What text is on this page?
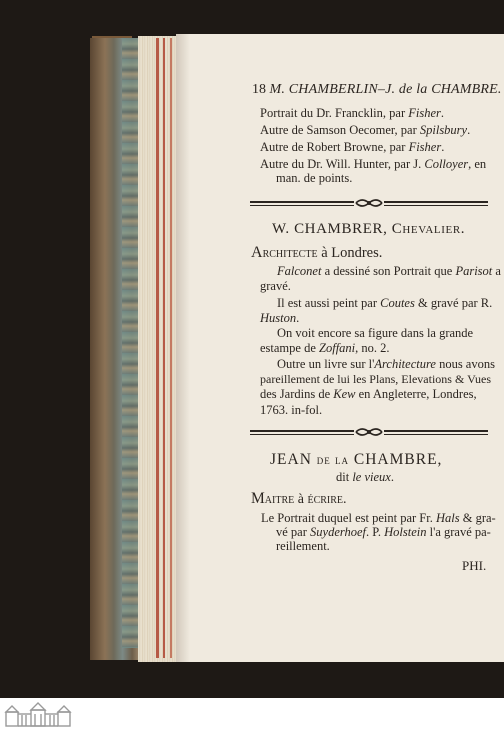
18 M. CHAMBERLIN–J. de la CHAMBRE.
Portrait du Dr. Francklin, par Fisher.
Autre de Samson Oecomer, par Spilsbury.
Autre de Robert Browne, par Fisher.
Autre du Dr. Will. Hunter, par J. Colloyer, en
man. de points.
W. CHAMBRER, Chevalier.
Architecte à Londres.
Falconet a dessiné son Portrait que Parisot a
gravé.
Il est aussi peint par Coutes & gravé par R.
Huston.
On voit encore sa figure dans la grande
estampe de Zoffani, no. 2.
Outre un livre sur l'Architecture nous avons
pareillement de lui les Plans, Elevations & Vues
des Jardins de Kew en Angleterre, Londres,
1763. in-fol.
JEAN de la CHAMBRE,
dit le vieux.
Maitre à écrire.
Le Portrait duquel est peint par Fr. Hals & gra-
vé par Suyderhoef. P. Holstein l'a gravé pa-
reillement.
PHI.
